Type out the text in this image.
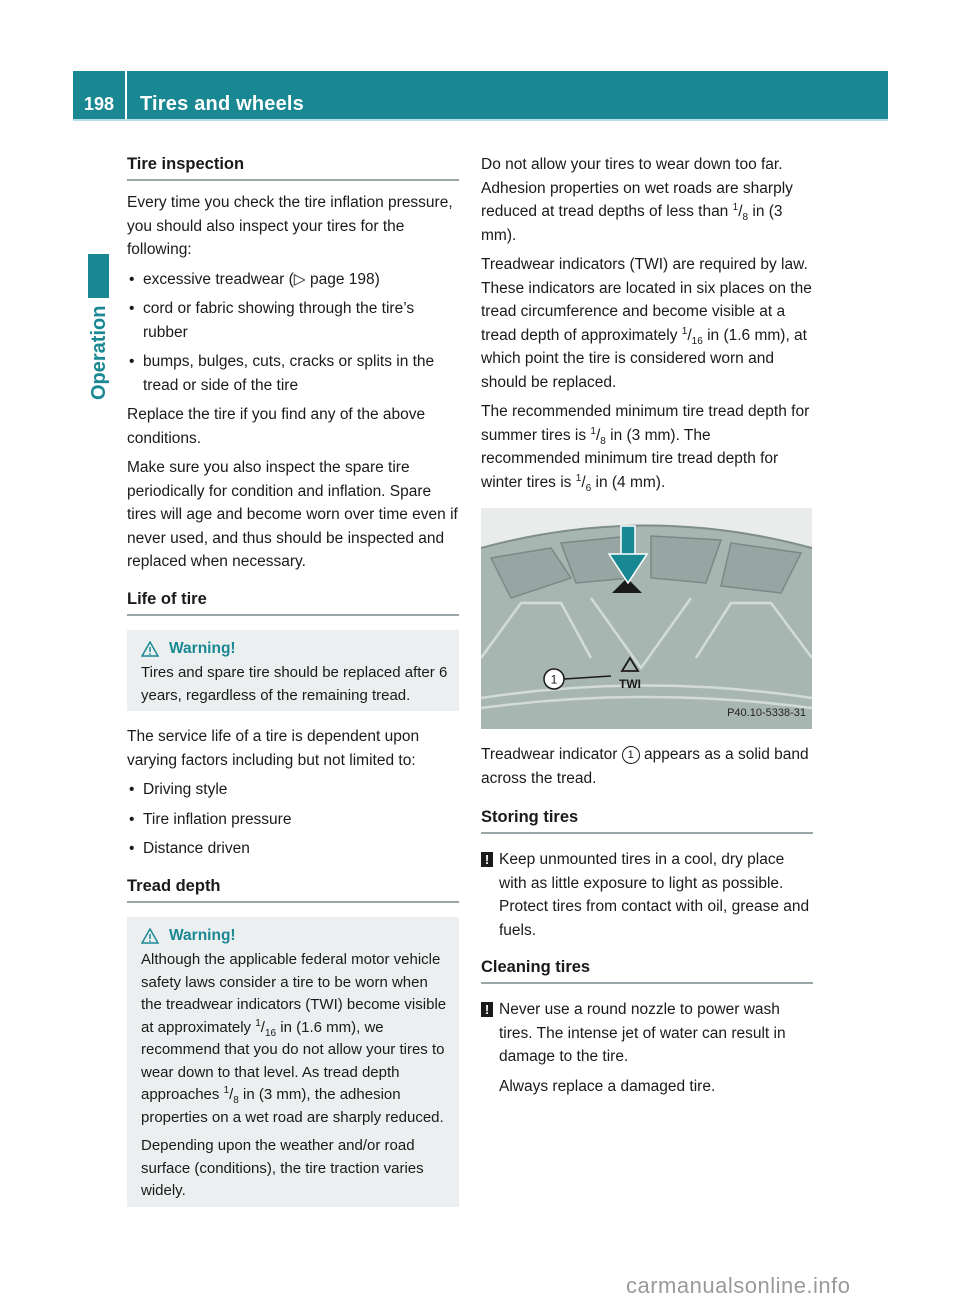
198	Tires and wheels
Operation
Tire inspection

Every time you check the tire inflation pressure, you should also inspect your tires for the following:

• excessive treadwear (▷ page 198)
• cord or fabric showing through the tire’s rubber
• bumps, bulges, cuts, cracks or splits in the tread or side of the tire

Replace the tire if you find any of the above conditions.

Make sure you also inspect the spare tire periodically for condition and inflation. Spare tires will age and become worn over time even if never used, and thus should be inspected and replaced when necessary.

Life of tire
Warning!
Tires and spare tire should be replaced after 6 years, regardless of the remaining tread.

The service life of a tire is dependent upon varying factors including but not limited to:

• Driving style
• Tire inflation pressure
• Distance driven
Tread depth
Warning!
Although the applicable federal motor vehicle safety laws consider a tire to be worn when the treadwear indicators (TWI) become visible at approximately $^1/_{16}$ in (1.6 mm), we recommend that you do not allow your tires to wear down to that level. As tread depth approaches $^1/_8$ in (3 mm), the adhesion properties on a wet road are sharply reduced.
Depending upon the weather and/or road surface (conditions), the tire traction varies widely.

Do not allow your tires to wear down too far. Adhesion properties on wet roads are sharply reduced at tread depths of less than $^1/_8$ in (3 mm).

Treadwear indicators (TWI) are required by law. These indicators are located in six places on the tread circumference and become visible at a tread depth of approximately $^1/_{16}$ in (1.6 mm), at which point the tire is considered worn and should be replaced.

The recommended minimum tire tread depth for summer tires is $^1/_8$ in (3 mm). The recommended minimum tire tread depth for winter tires is $^1/_6$ in (4 mm).

1	TWI
P40.10-5338-31

Treadwear indicator 1 appears as a solid band across the tread.

Storing tires
! Keep unmounted tires in a cool, dry place with as little exposure to light as possible. Protect tires from contact with oil, grease and fuels.

Cleaning tires
! Never use a round nozzle to power wash tires. The intense jet of water can result in damage to the tire.

Always replace a damaged tire.

carmanualsonline.info
